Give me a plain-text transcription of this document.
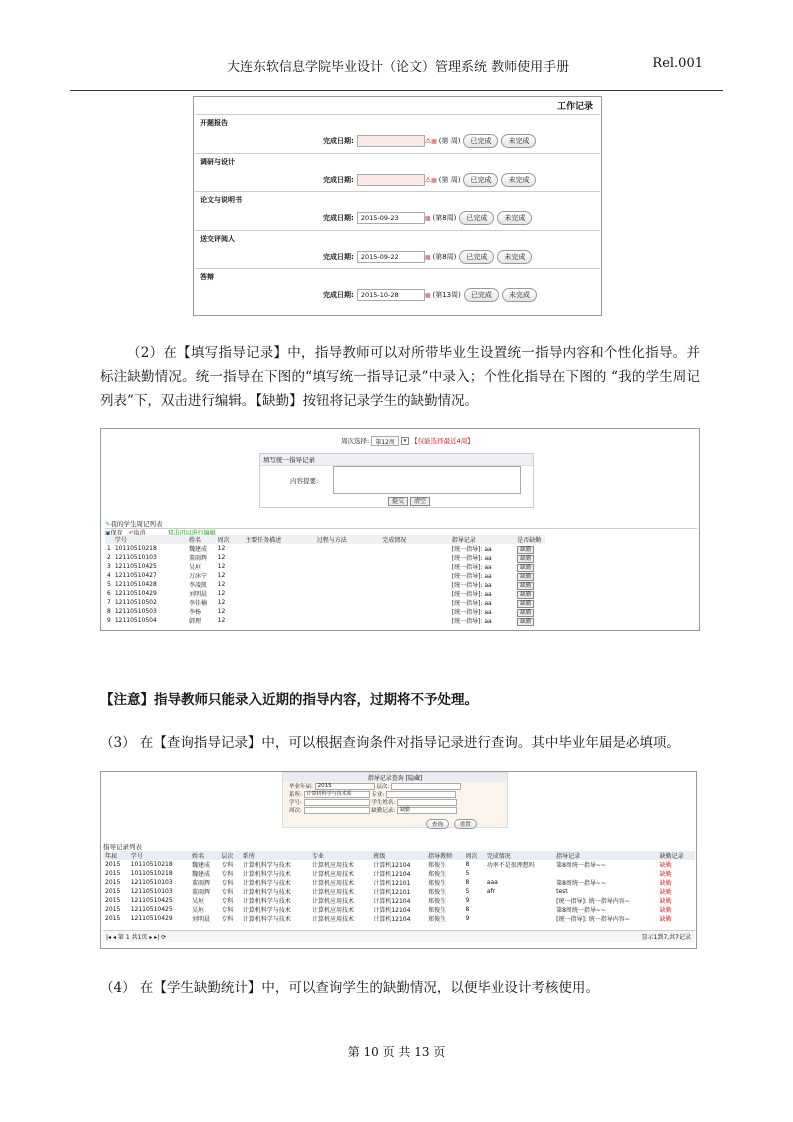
大连东软信息学院毕业设计（论文）管理系统 教师使用手册	Rel.001
工作记录
开题报告
完成日期:	⚠▦ (第 周) 已完成 未完成
调研与设计
完成日期:	⚠▦ (第 周) 已完成 未完成
论文与说明书
完成日期: 2015-09-23	▦ (第8周) 已完成 未完成
送交评阅人
完成日期: 2015-09-22	▦ (第8周) 已完成 未完成
答辩
完成日期: 2015-10-28	▦ (第13周) 已完成 未完成
（2）在【填写指导记录】中，指导教师可以对所带毕业生设置统一指导内容和个性化指导。并标注缺勤情况。统一指导在下图的“填写统一指导记录”中录入；个性化指导在下图的 “我的学生周记列表”下，双击进行编辑。【缺勤】按钮将记录学生的缺勤情况。
周次选择: 第12周 ▾ 【仅能选择最近4周】
填写统一指导记录
内容提要:
提交 清空
✎我的学生周记列表
▣保存 ↶取消	双击可以进行编辑
	学号	姓名	周次	主要任务描述	过程与方法	完成情况	指导记录	是否缺勤
1	10110510218	魏建成	12				[统一指导]: aa	缺勤
2	12110510103	董雨辉	12				[统一指导]: aa	缺勤
3	12110510425	吴垣	12				[统一指导]: aa	缺勤
4	12110510427	万沐宁	12				[统一指导]: aa	缺勤
5	12110510428	李凌凯	12				[统一指导]: aa	缺勤
6	12110510429	刘明晨	12				[统一指导]: aa	缺勤
7	12110510502	李佳楠	12				[统一指导]: aa	缺勤
8	12110510503	李杨	12				[统一指导]: aa	缺勤
9	12110510504	韩理	12				[统一指导]: aa	缺勤
【注意】指导教师只能录入近期的指导内容，过期将不予处理。
（3） 在【查询指导记录】中，可以根据查询条件对指导记录进行查询。其中毕业年届是必填项。
指导记录查询 [隐藏]
毕业年届: 2015	层次:
系所: 计算机科学与技术系	专业:
学号:	学生姓名:
周次:	缺勤记录: 缺勤
查询	重置
指导记录列表
年届	学号	姓名	层次	系所	专业	班级	指导教师	周次	完成情况	指导记录	缺勤记录
2015	10110510218	魏建成	专科	计算机科学与技术	计算机应用技术	计算机12104	郑俊生	8	功率不是很理想吗	第8周统一指导~~	缺勤
2015	10110510218	魏建成	专科	计算机科学与技术	计算机应用技术	计算机12104	郑俊生	5			缺勤
2015	12110510103	董雨辉	专科	计算机科学与技术	计算机应用技术	计算机12101	郑俊生	8	aaa	第8周统一指导~~	缺勤
2015	12110510103	董雨辉	专科	计算机科学与技术	计算机应用技术	计算机12101	郑俊生	5	afr	test	缺勤
2015	12110510425	吴垣	专科	计算机科学与技术	计算机应用技术	计算机12104	郑俊生	9		[统一指导]: 统一指导内容~	缺勤
2015	12110510425	吴垣	专科	计算机科学与技术	计算机应用技术	计算机12104	郑俊生	8		第8周统一指导~~	缺勤
2015	12110510429	刘明晨	专科	计算机科学与技术	计算机应用技术	计算机12104	郑俊生	9		[统一指导]: 统一指导内容~	缺勤
|◂ ◂ 第 1 共1页 ▸ ▸| ⟳	显示1到7,共7记录
（4） 在【学生缺勤统计】中，可以查询学生的缺勤情况，以便毕业设计考核使用。
第 10 页 共 13 页
